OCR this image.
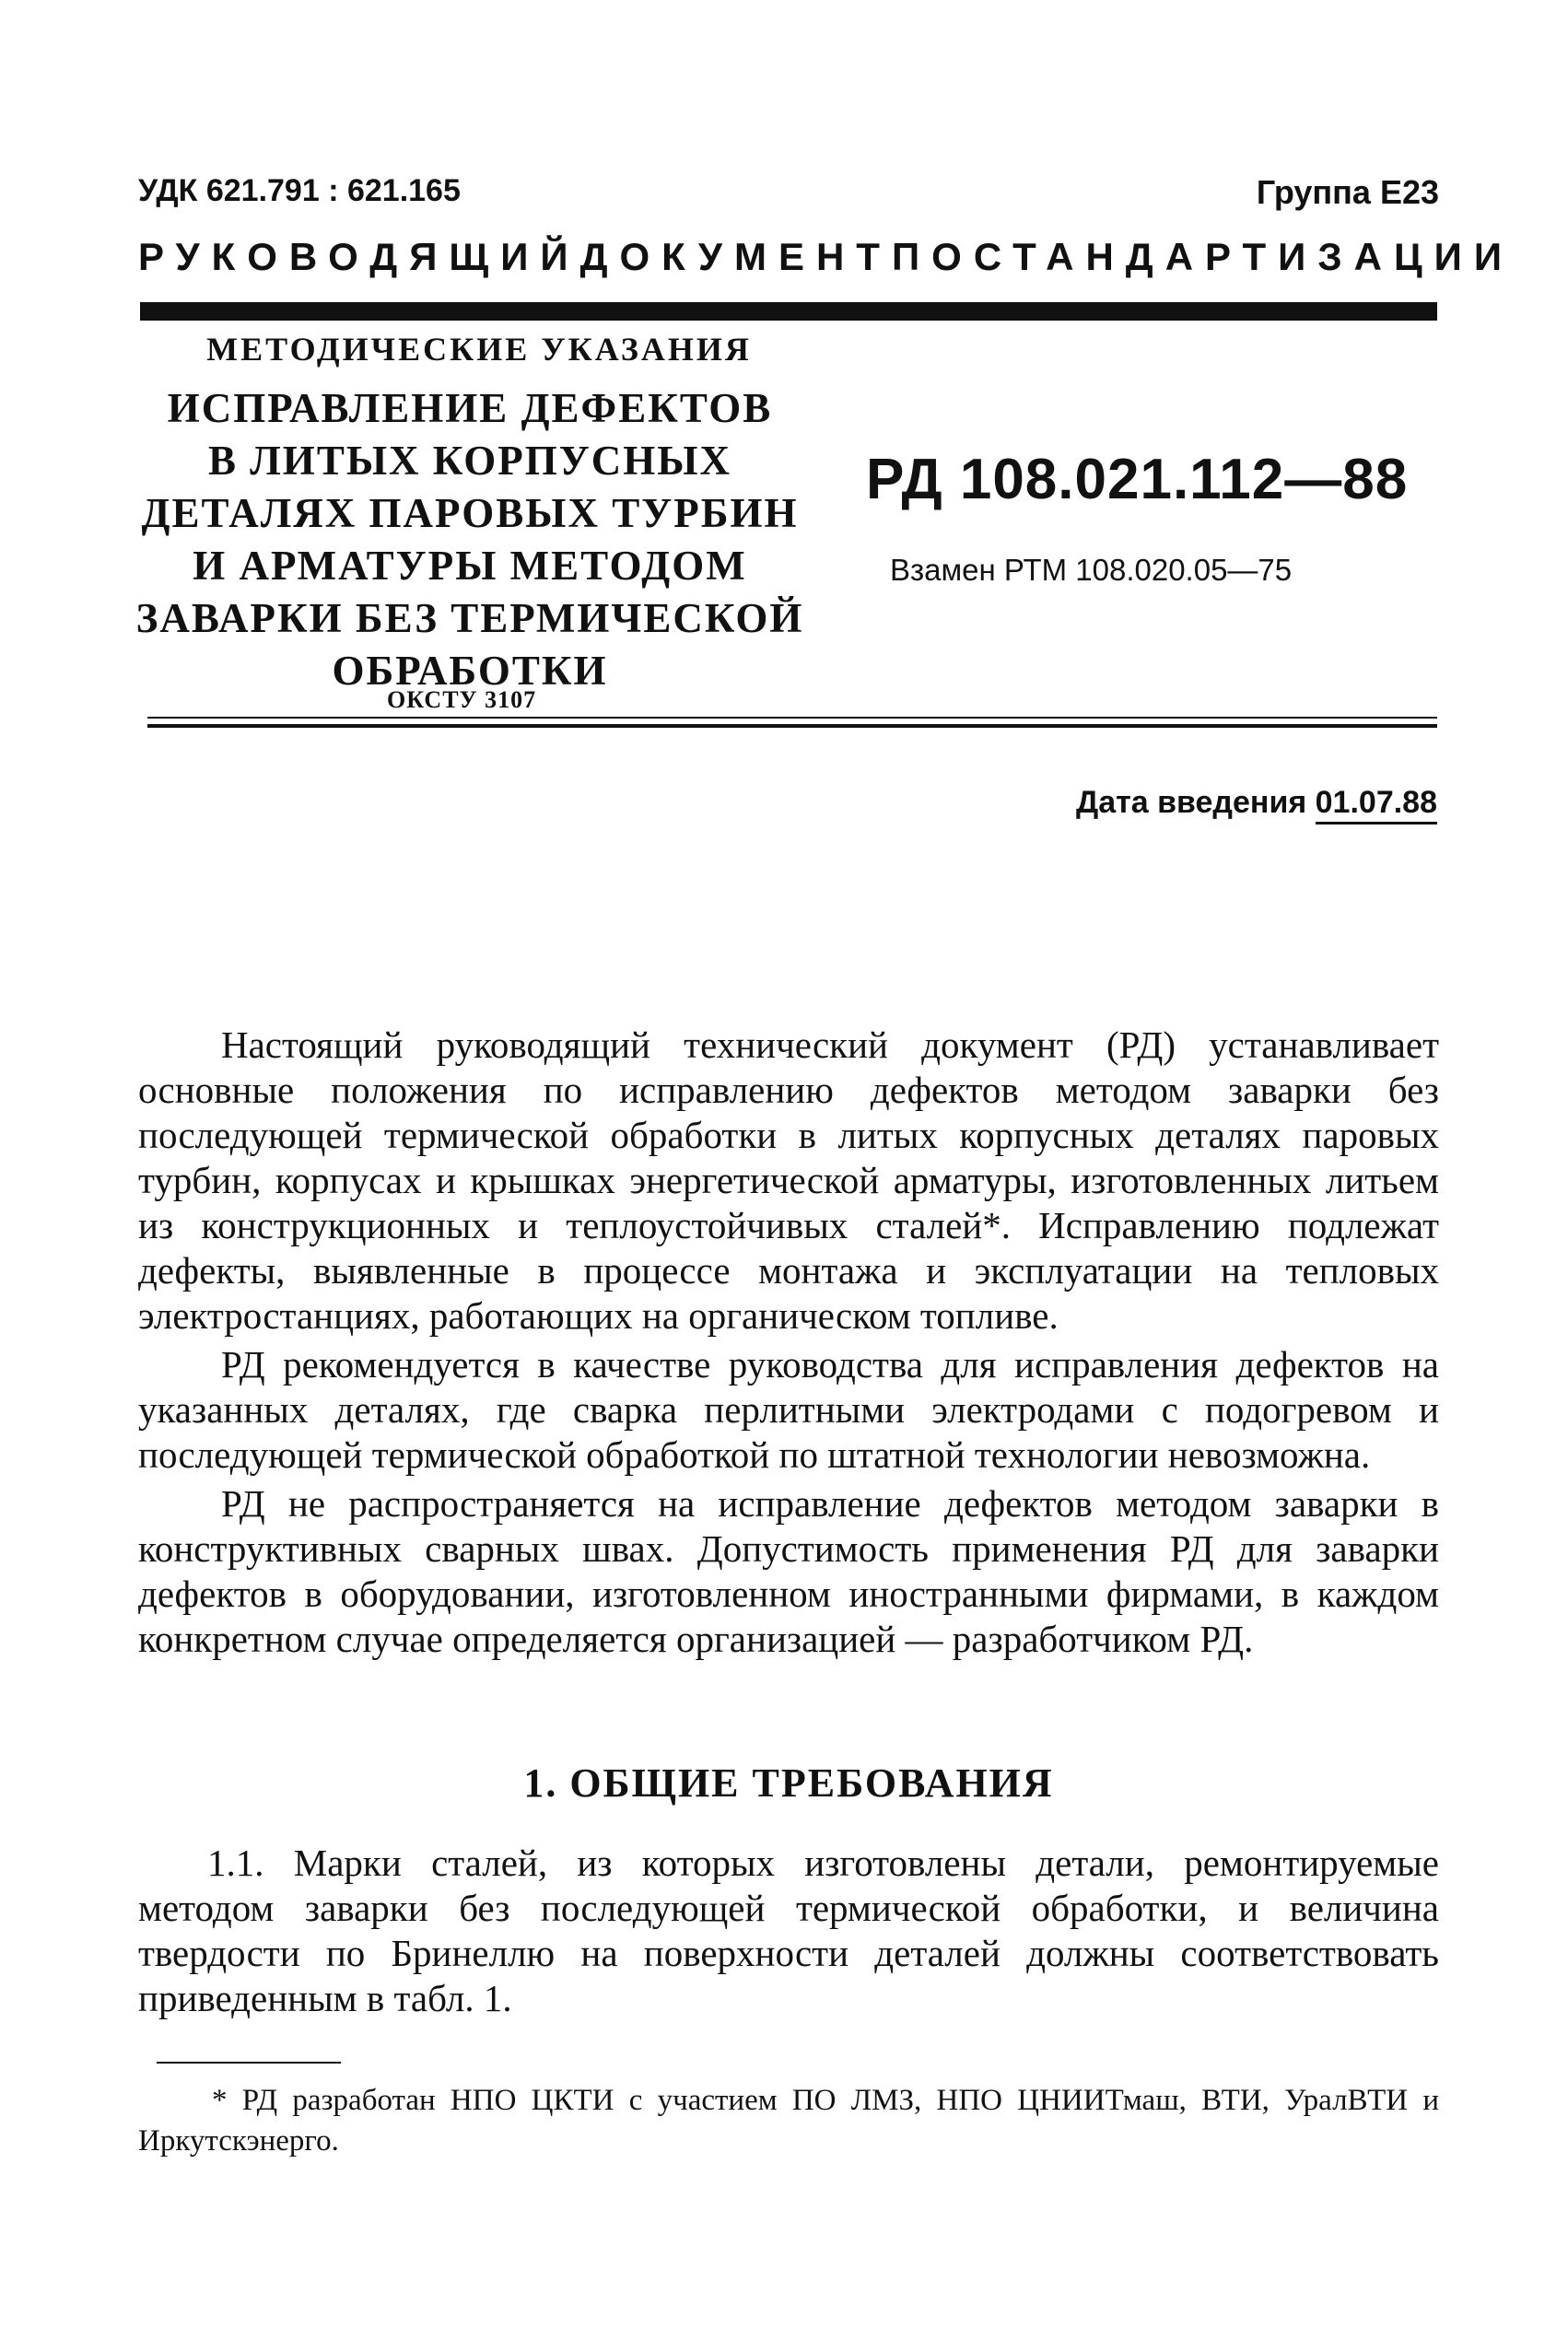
УДК 621.791 : 621.165	Группа Е23
РУКОВОДЯЩИЙ ДОКУМЕНТ ПО СТАНДАРТИЗАЦИИ
МЕТОДИЧЕСКИЕ УКАЗАНИЯ
ИСПРАВЛЕНИЕ ДЕФЕКТОВ
В ЛИТЫХ КОРПУСНЫХ
ДЕТАЛЯХ ПАРОВЫХ ТУРБИН
И АРМАТУРЫ МЕТОДОМ
ЗАВАРКИ БЕЗ ТЕРМИЧЕСКОЙ
ОБРАБОТКИ
РД 108.021.112—88
Взамен РТМ 108.020.05—75
ОКСТУ 3107
Дата введения 01.07.88

Настоящий руководящий технический документ (РД) устанавливает основные положения по исправлению дефектов методом заварки без последующей термической обработки в литых корпусных деталях паровых турбин, корпусах и крышках энергетической арматуры, изготовленных литьем из конструкционных и теплоустойчивых сталей*. Исправлению подлежат дефекты, выявленные в процессе монтажа и эксплуатации на тепловых электростанциях, работающих на органическом топливе.

РД рекомендуется в качестве руководства для исправления дефектов на указанных деталях, где сварка перлитными электродами с подогревом и последующей термической обработкой по штатной технологии невозможна.

РД не распространяется на исправление дефектов методом заварки в конструктивных сварных швах. Допустимость применения РД для заварки дефектов в оборудовании, изготовленном иностранными фирмами, в каждом конкретном случае определяется организацией — разработчиком РД.

1. ОБЩИЕ ТРЕБОВАНИЯ

1.1. Марки сталей, из которых изготовлены детали, ремонтируемые методом заварки без последующей термической обработки, и величина твердости по Бринеллю на поверхности деталей должны соответствовать приведенным в табл. 1.

* РД разработан НПО ЦКТИ с участием ПО ЛМЗ, НПО ЦНИИТмаш, ВТИ, УралВТИ и Иркутскэнерго.
